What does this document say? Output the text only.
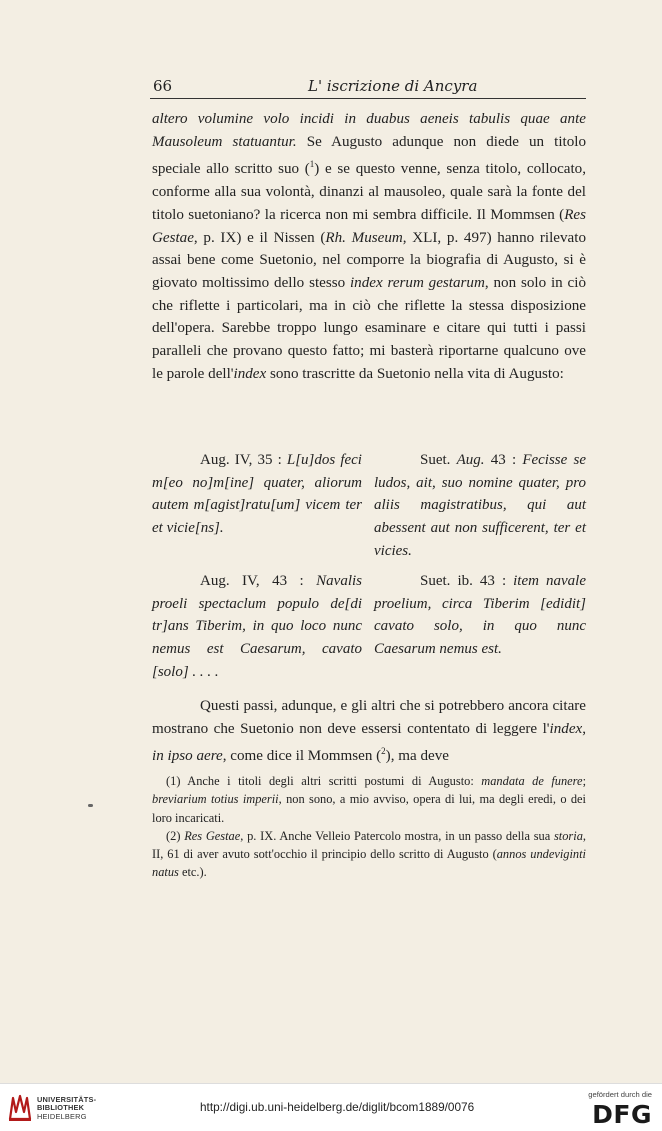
66	L' iscrizione di Ancyra

altero volumine volo incidi in duabus aeneis tabulis quae ante Mausoleum statuantur. Se Augusto adunque non diede un titolo speciale allo scritto suo ($^1$) e se questo venne, senza titolo, collocato, conforme alla sua volontà, dinanzi al mausoleo, quale sarà la fonte del titolo suetoniano? la ricerca non mi sembra difficile. Il Mommsen (Res Gestae, p. IX) e il Nissen (Rh. Museum, XLI, p. 497) hanno rilevato assai bene come Suetonio, nel comporre la biografia di Augusto, si è giovato moltissimo dello stesso index rerum gestarum, non solo in ciò che riflette i particolari, ma in ciò che riflette la stessa disposizione dell'opera. Sarebbe troppo lungo esaminare e citare qui tutti i passi paralleli che provano questo fatto; mi basterà riportarne qualcuno ove le parole dell'index sono trascritte da Suetonio nella vita di Augusto:

Aug. IV, 35 : L[u]dos feci m[eo no]m[ine] quater, aliorum autem m[agist]ratu[um] vicem ter et vicie[ns].

Suet. Aug. 43 : Fecisse se ludos, ait, suo nomine quater, pro aliis magistratibus, qui aut abessent aut non sufficerent, ter et vicies.

Aug. IV, 43 : Navalis proeli spectaclum populo de[di tr]ans Tiberim, in quo loco nunc nemus est Caesarum, cavato [solo] . . . .

Suet. ib. 43 : item navale proelium, circa Tiberim [edidit] cavato solo, in quo nunc Caesarum nemus est.

Questi passi, adunque, e gli altri che si potrebbero ancora citare mostrano che Suetonio non deve essersi contentato di leggere l'index, in ipso aere, come dice il Mommsen ($^2$), ma deve

(1) Anche i titoli degli altri scritti postumi di Augusto: mandata de funere; breviarium totius imperii, non sono, a mio avviso, opera di lui, ma degli eredi, o dei loro incaricati.

(2) Res Gestae, p. IX. Anche Velleio Patercolo mostra, in un passo della sua storia, II, 61 di aver avuto sott'occhio il principio dello scritto di Augusto (annos undeviginti natus etc.).

UNIVERSITÄTS-
BIBLIOTHEK
HEIDELBERG
http://digi.ub.uni-heidelberg.de/diglit/bcom1889/0076
gefördert durch die
DFG
